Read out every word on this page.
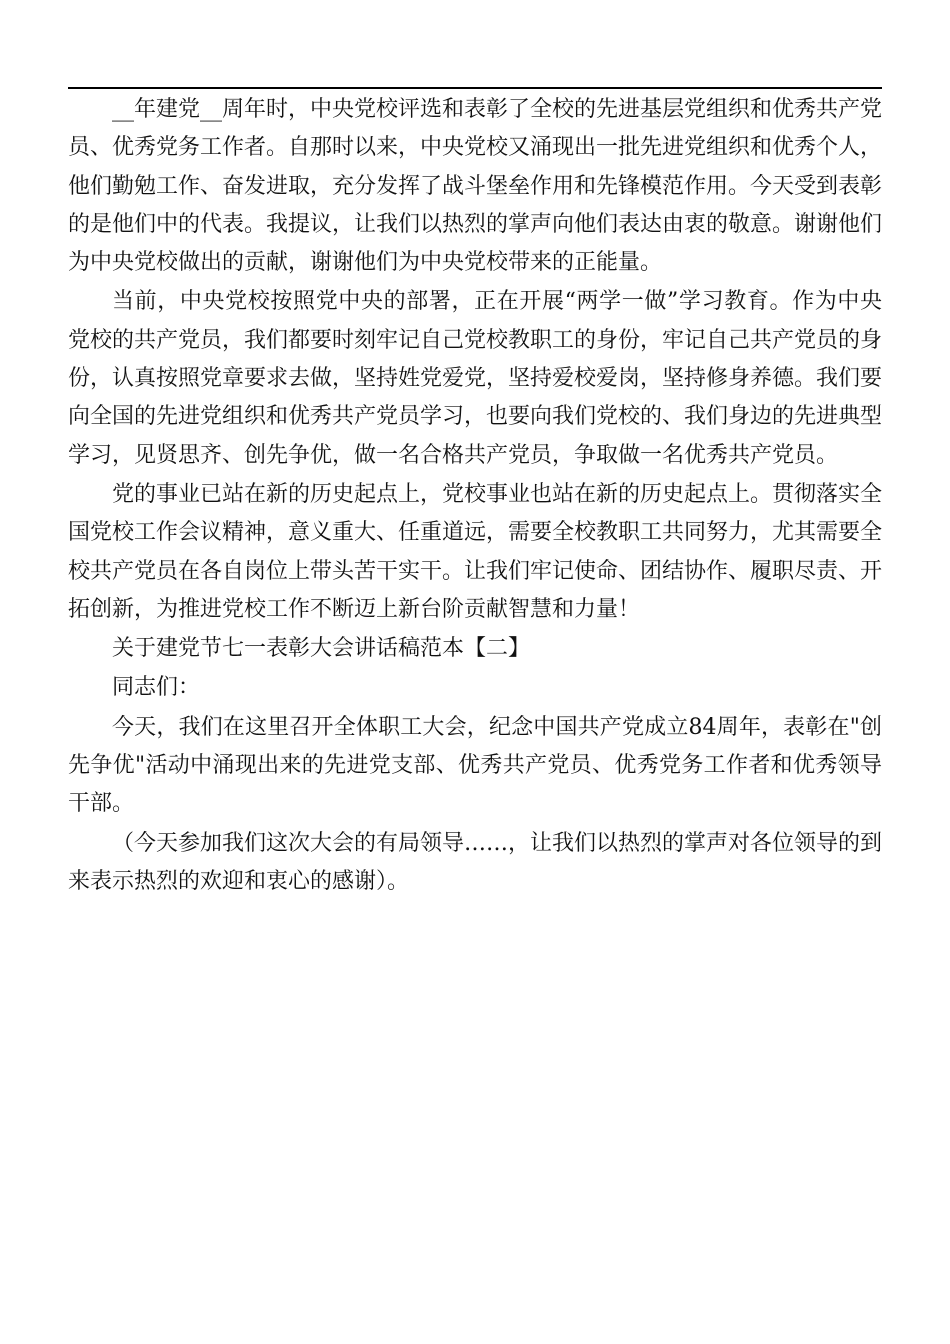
__年建党__周年时，中央党校评选和表彰了全校的先进基层党组织和优秀共产党员、优秀党务工作者。自那时以来，中央党校又涌现出一批先进党组织和优秀个人，他们勤勉工作、奋发进取，充分发挥了战斗堡垒作用和先锋模范作用。今天受到表彰的是他们中的代表。我提议，让我们以热烈的掌声向他们表达由衷的敬意。谢谢他们为中央党校做出的贡献，谢谢他们为中央党校带来的正能量。

当前，中央党校按照党中央的部署，正在开展“两学一做”学习教育。作为中央党校的共产党员，我们都要时刻牢记自己党校教职工的身份，牢记自己共产党员的身份，认真按照党章要求去做，坚持姓党爱党，坚持爱校爱岗，坚持修身养德。我们要向全国的先进党组织和优秀共产党员学习，也要向我们党校的、我们身边的先进典型学习，见贤思齐、创先争优，做一名合格共产党员，争取做一名优秀共产党员。

党的事业已站在新的历史起点上，党校事业也站在新的历史起点上。贯彻落实全国党校工作会议精神，意义重大、任重道远，需要全校教职工共同努力，尤其需要全校共产党员在各自岗位上带头苦干实干。让我们牢记使命、团结协作、履职尽责、开拓创新，为推进党校工作不断迈上新台阶贡献智慧和力量！

关于建党节七一表彰大会讲话稿范本【二】

同志们：

今天，我们在这里召开全体职工大会，纪念中国共产党成立84周年，表彰在"创先争优"活动中涌现出来的先进党支部、优秀共产党员、优秀党务工作者和优秀领导干部。

（今天参加我们这次大会的有局领导……，让我们以热烈的掌声对各位领导的到来表示热烈的欢迎和衷心的感谢）。
